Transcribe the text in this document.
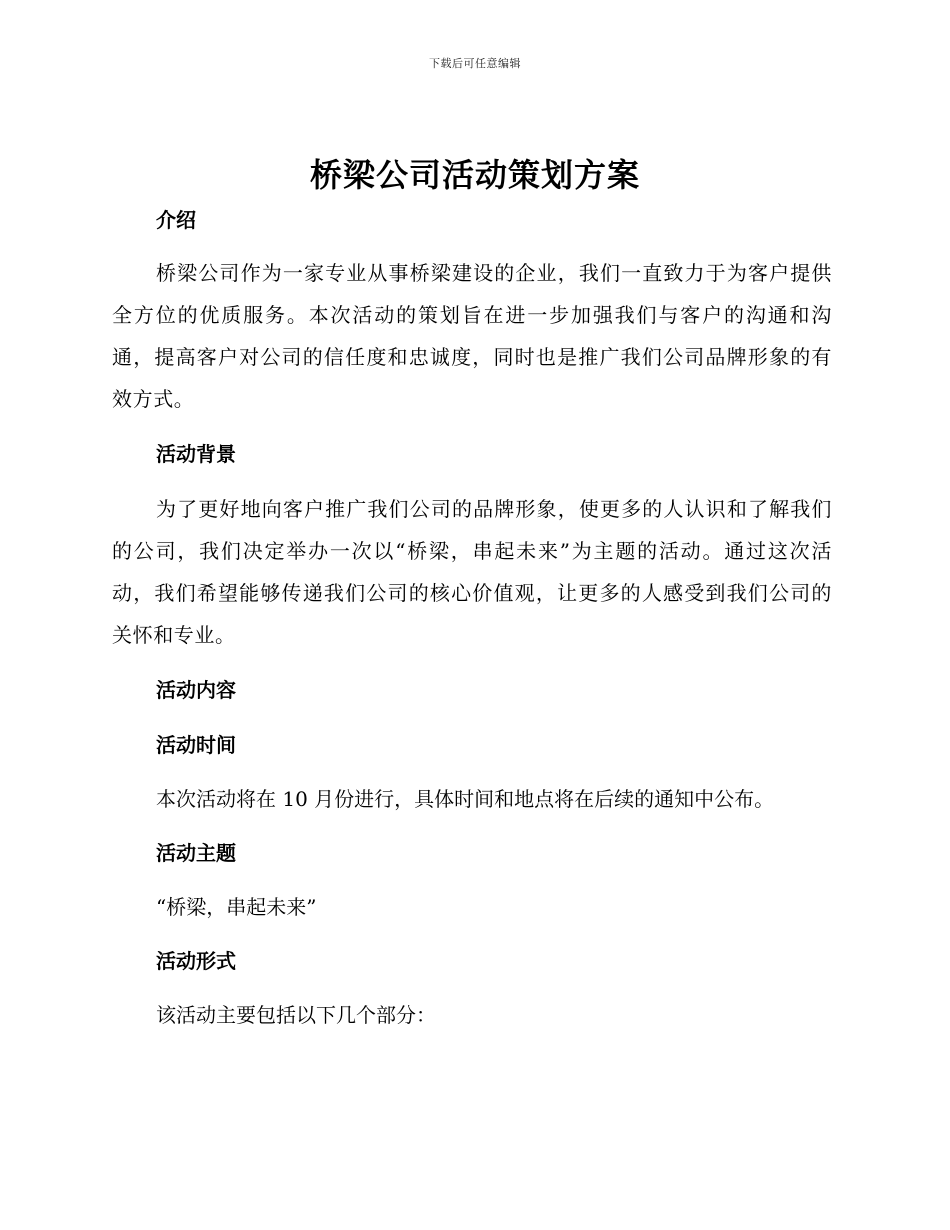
下载后可任意编辑
桥梁公司活动策划方案
介绍

桥梁公司作为一家专业从事桥梁建设的企业，我们一直致力于为客户提供全方位的优质服务。本次活动的策划旨在进一步加强我们与客户的沟通和沟通，提高客户对公司的信任度和忠诚度，同时也是推广我们公司品牌形象的有效方式。

活动背景

为了更好地向客户推广我们公司的品牌形象，使更多的人认识和了解我们的公司，我们决定举办一次以“桥梁，串起未来”为主题的活动。通过这次活动，我们希望能够传递我们公司的核心价值观，让更多的人感受到我们公司的关怀和专业。

活动内容
活动时间

本次活动将在 10 月份进行，具体时间和地点将在后续的通知中公布。

活动主题

“桥梁，串起未来”

活动形式

该活动主要包括以下几个部分：
